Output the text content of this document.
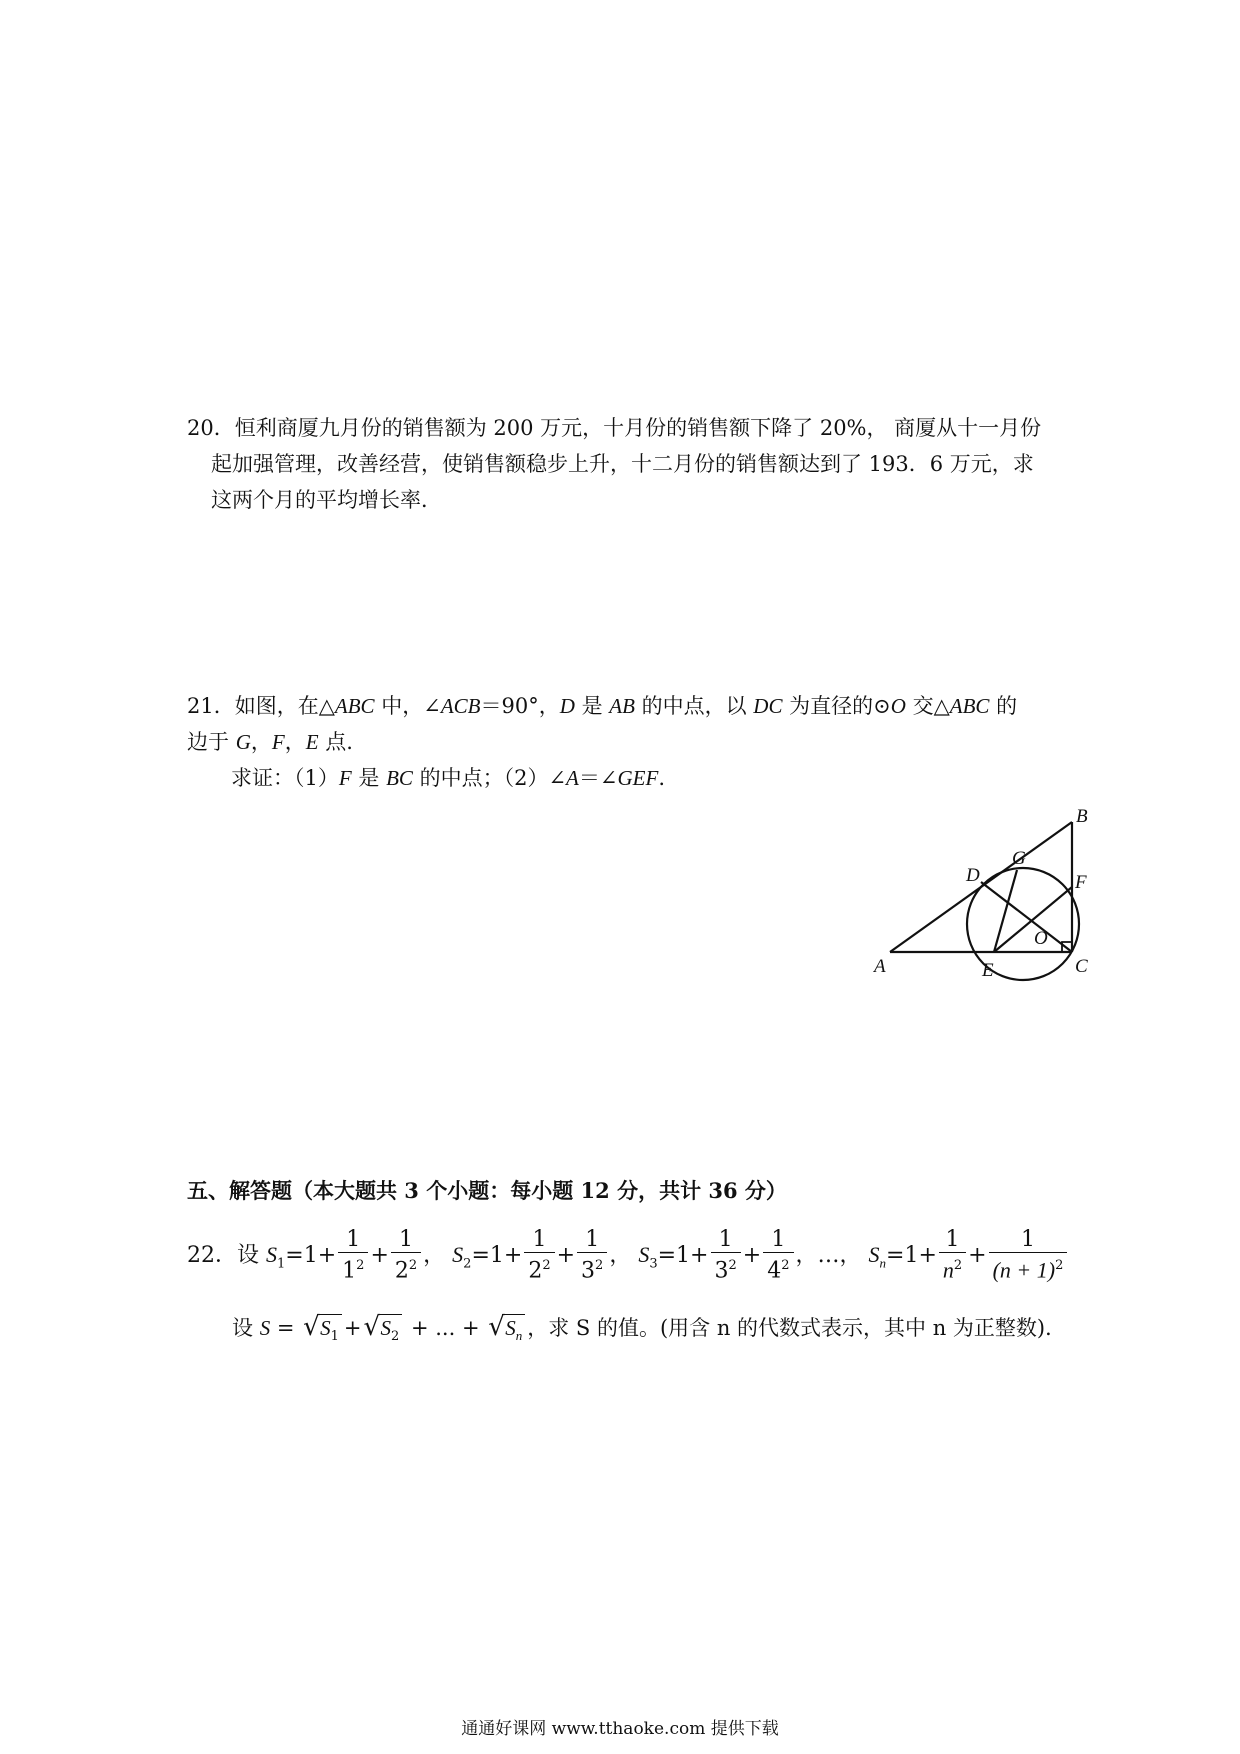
20．恒利商厦九月份的销售额为 200 万元，十月份的销售额下降了 20%， 商厦从十一月份
起加强管理，改善经营，使销售额稳步上升，十二月份的销售额达到了 193．6 万元，求
这两个月的平均增长率．
21．如图，在△ABC 中，∠ACB＝90°，D 是 AB 的中点，以 DC 为直径的⊙O 交△ABC 的
边于 G，F，E 点.
求证：（1）F 是 BC 的中点；（2）∠A＝∠GEF.
A
B
C
D
E
F
G
O
五、解答题（本大题共 3 个小题：每小题 12 分，共计 36 分）
22．设 $S_1=1+ \frac{1}{1^2} + \frac{1}{2^2}$ ， $S_2=1+ \frac{1}{2^2} + \frac{1}{3^2}$ ， $S_3=1+ \frac{1}{3^2} + \frac{1}{4^2}$ ，…， $S_n=1+ \frac{1}{n^2} + \frac{1}{(n + 1)^2}$
设 S = √ $S_1$ + √ $S_2$ + ... + √ $S_n$ ，求 S 的值。(用含 n 的代数式表示，其中 n 为正整数)．
通通好课网 www.tthaoke.com 提供下载
